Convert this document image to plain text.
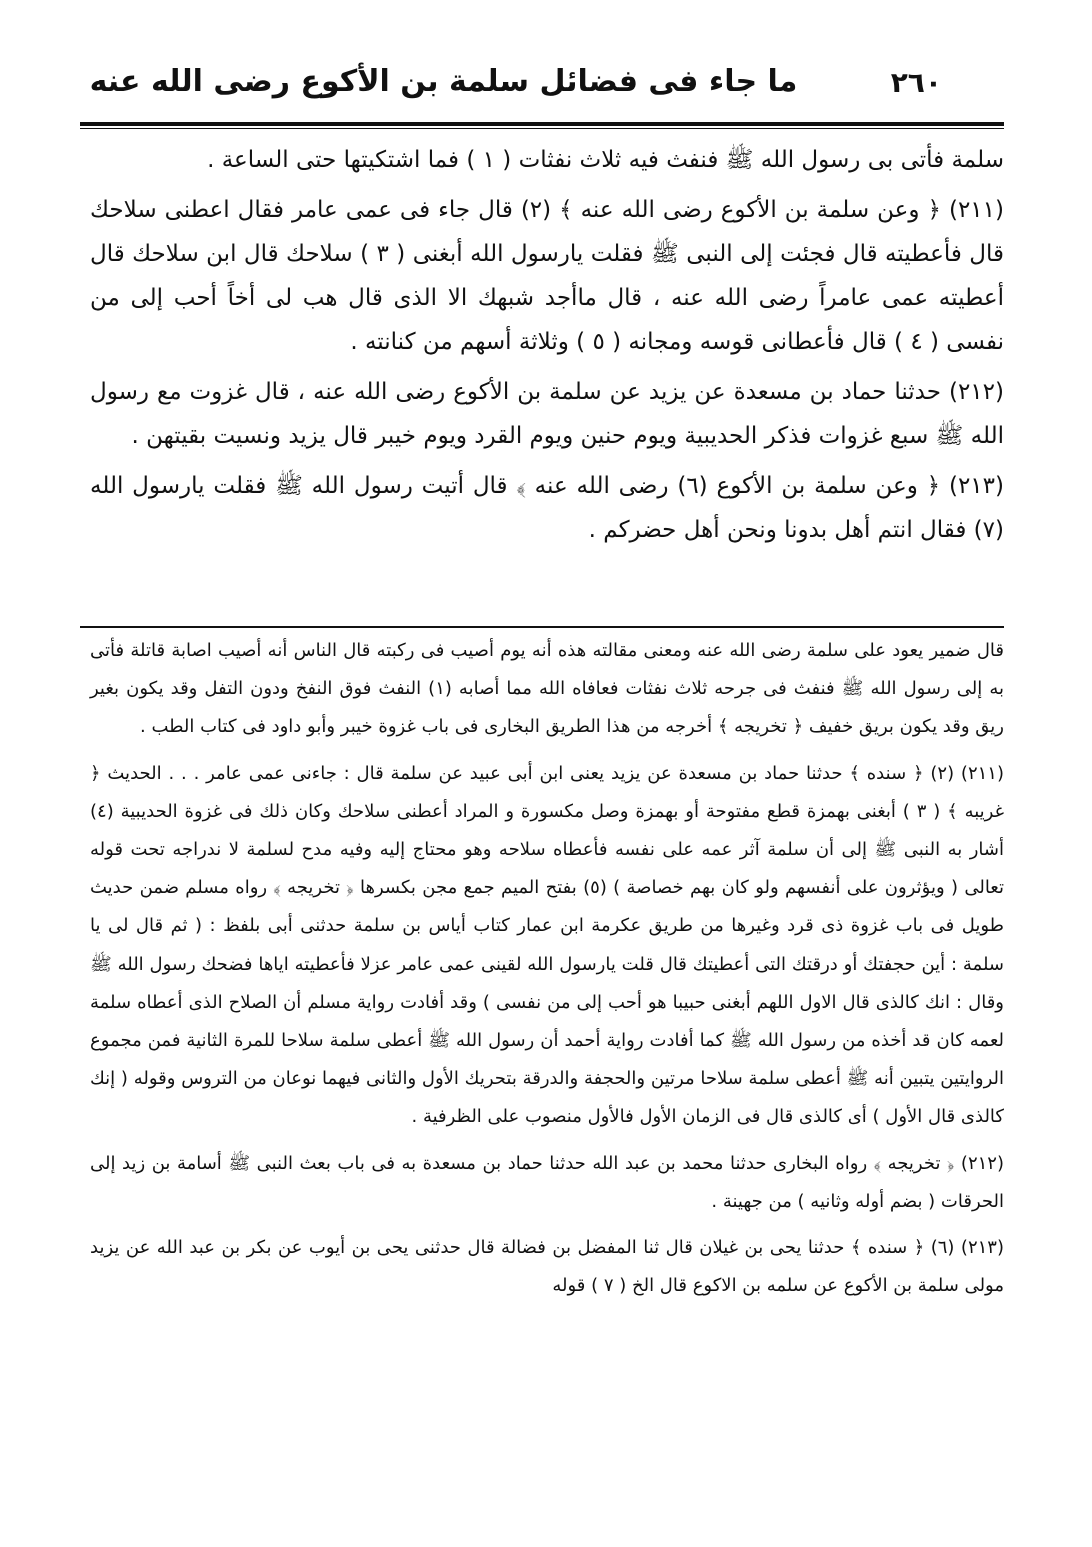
٢٦٠
ما جاء فى فضائل سلمة بن الأكوع رضى الله عنه

سلمة فأتى بى رسول الله ﷺ فنفث فيه ثلاث نفثات ( ١ ) فما اشتكيتها حتى الساعة .

(٢١١) ﴿ وعن سلمة بن الأكوع رضى الله عنه ﴾ (٢) قال جاء فى عمى عامر فقال اعطنى سلاحك قال فأعطيته قال فجئت إلى النبى ﷺ فقلت يارسول الله أبغنى ( ٣ ) سلاحك قال ابن سلاحك قال أعطيته عمى عامراً رضى الله عنه ، قال ماأجد شبهك الا الذى قال هب لى أخاً أحب إلى من نفسى ( ٤ ) قال فأعطانى قوسه ومجانه ( ٥ ) وثلاثة أسهم من كنانته .

(٢١٢) حدثنا حماد بن مسعدة عن يزيد عن سلمة بن الأكوع رضى الله عنه ، قال غزوت مع رسول الله ﷺ سبع غزوات فذكر الحديبية ويوم حنين ويوم القرد ويوم خيبر قال يزيد ونسيت بقيتهن .

(٢١٣) ﴿ وعن سلمة بن الأكوع (٦) رضى الله عنه ﴾ قال أتيت رسول الله ﷺ فقلت يارسول الله (٧) فقال انتم أهل بدونا ونحن أهل حضركم .

قال ضمير يعود على سلمة رضى الله عنه ومعنى مقالته هذه أنه يوم أصيب فى ركبته قال الناس أنه أصيب اصابة قاتلة فأتى به إلى رسول الله ﷺ فنفث فى جرحه ثلاث نفثات فعافاه الله مما أصابه (١) النفث فوق النفخ ودون التفل وقد يكون بغير ريق وقد يكون بريق خفيف ﴿ تخريجه ﴾ أخرجه من هذا الطريق البخارى فى باب غزوة خيبر وأبو داود فى كتاب الطب .

(٢١١) (٢) ﴿ سنده ﴾ حدثنا حماد بن مسعدة عن يزيد يعنى ابن أبى عبيد عن سلمة قال : جاءنى عمى عامر . . . الحديث ﴿ غريبه ﴾ ( ٣ ) أبغنى بهمزة قطع مفتوحة أو بهمزة وصل مكسورة و المراد أعطنى سلاحك وكان ذلك فى غزوة الحديبية (٤) أشار به النبى ﷺ إلى أن سلمة آثر عمه على نفسه فأعطاه سلاحه وهو محتاج إليه وفيه مدح لسلمة لا ندراجه تحت قوله تعالى ( ويؤثرون على أنفسهم ولو كان بهم خصاصة ) (٥) بفتح الميم جمع مجن بكسرها ﴿ تخريجه ﴾ رواه مسلم ضمن حديث طويل فى باب غزوة ذى قرد وغيرها من طريق عكرمة ابن عمار كتاب أياس بن سلمة حدثنى أبى بلفظ : ( ثم قال لى يا سلمة : أين حجفتك أو درقتك التى أعطيتك قال قلت يارسول الله لقينى عمى عامر عزلا فأعطيته اياها فضحك رسول الله ﷺ وقال : انك كالذى قال الاول اللهم أبغنى حبيبا هو أحب إلى من نفسى ) وقد أفادت رواية مسلم أن الصلاح الذى أعطاه سلمة لعمه كان قد أخذه من رسول الله ﷺ كما أفادت رواية أحمد أن رسول الله ﷺ أعطى سلمة سلاحا للمرة الثانية فمن مجموع الروايتين يتبين أنه ﷺ أعطى سلمة سلاحا مرتين والحجفة والدرقة بتحريك الأول والثانى فيهما نوعان من التروس وقوله ( إنك كالذى قال الأول ) أى كالذى قال فى الزمان الأول فالأول منصوب على الظرفية .

(٢١٢) ﴿ تخريجه ﴾ رواه البخارى حدثنا محمد بن عبد الله حدثنا حماد بن مسعدة به فى باب بعث النبى ﷺ أسامة بن زيد إلى الحرقات ( بضم أوله وثانيه ) من جهينة .

(٢١٣) (٦) ﴿ سنده ﴾ حدثنا يحى بن غيلان قال ثنا المفضل بن فضالة قال حدثنى يحى بن أيوب عن بكر بن عبد الله عن يزيد مولى سلمة بن الأكوع عن سلمه بن الاكوع قال الخ ( ٧ ) قوله
